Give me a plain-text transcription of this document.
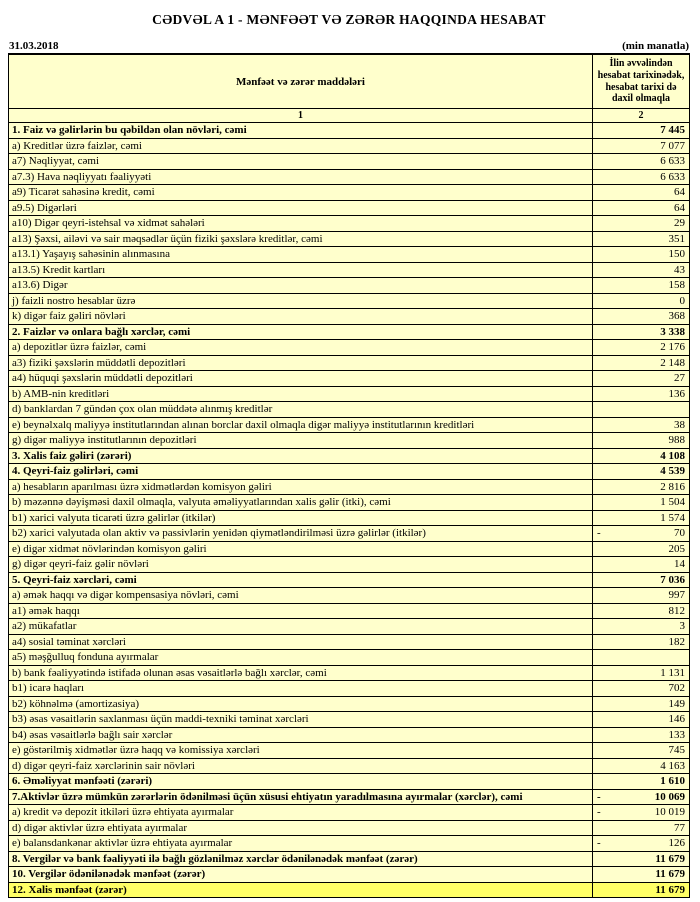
CƏDVƏL A 1 - MƏNFƏƏT VƏ ZƏRƏR HAQQINDA HESABAT
31.03.2018	(min manatla)
Mənfəət və zərər maddələri	İlin əvvəlindən hesabat tarixinədək, hesabat tarixi də daxil olmaqla
1	2
1. Faiz və gəlirlərin bu qəbildən olan növləri, cəmi	7 445
a) Kreditlər üzrə faizlər, cəmi	7 077
a7) Nəqliyyat, cəmi	6 633
a7.3) Hava nəqliyyatı fəaliyyəti	6 633
a9) Ticarət sahəsinə kredit, cəmi	64
a9.5) Digərləri	64
a10) Digər qeyri-istehsal və xidmət sahələri	29
a13) Şəxsi, ailəvi və sair məqsədlər üçün fiziki şəxslərə kreditlər, cəmi	351
a13.1) Yaşayış sahəsinin alınmasına	150
a13.5) Kredit kartları	43
a13.6) Digər	158
j) faizli nostro hesablar üzrə	0
k) digər faiz gəliri növləri	368
2. Faizlər və onlara bağlı xərclər, cəmi	3 338
a) depozitlər üzrə faizlər, cəmi	2 176
a3) fiziki şəxslərin müddətli depozitləri	2 148
a4) hüquqi şəxslərin müddətli depozitləri	27
b) AMB-nin kreditləri	136
d) banklardan 7 gündən çox olan müddətə alınmış kreditlər	
e) beynəlxalq maliyyə institutlarından alınan borclar daxil olmaqla digər maliyyə institutlarının kreditləri	38
g) digər maliyyə institutlarının depozitləri	988
3. Xalis faiz gəliri (zərəri)	4 108
4. Qeyri-faiz gəlirləri, cəmi	4 539
a) hesabların aparılması üzrə xidmətlərdən komisyon gəliri	2 816
b) məzənnə dəyişməsi daxil olmaqla, valyuta əməliyyatlarından xalis gəlir (itki), cəmi	1 504
b1) xarici valyuta ticarəti üzrə gəlirlər (itkilər)	1 574
b2) xarici valyutada olan aktiv və passivlərin yenidən qiymətləndirilməsi üzrə gəlirlər (itkilər)	- 70
e) digər xidmət növlərindən komisyon gəliri	205
g) digər qeyri-faiz gəlir növləri	14
5. Qeyri-faiz xərcləri, cəmi	7 036
a) əmək haqqı və digər kompensasiya növləri, cəmi	997
a1) əmək haqqı	812
a2) mükafatlar	3
a4) sosial təminat xərcləri	182
a5) məşğulluq fonduna ayırmalar	
b) bank fəaliyyətində istifadə olunan əsas vəsaitlərlə bağlı xərclər, cəmi	1 131
b1) icarə haqları	702
b2) köhnəlmə (amortizasiya)	149
b3) əsas vəsaitlərin saxlanması üçün maddi-texniki təminat xərcləri	146
b4) əsas vəsaitlərlə bağlı sair xərclər	133
e) göstərilmiş xidmətlər üzrə haqq və komissiya xərcləri	745
d) digər qeyri-faiz xərclərinin sair növləri	4 163
6. Əməliyyat mənfəəti (zərəri)	1 610
7.Aktivlər üzrə mümkün zərərlərin ödənilməsi üçün xüsusi ehtiyatın yaradılmasına ayırmalar (xərclər), cəmi	- 10 069
a) kredit və depozit itkiləri üzrə ehtiyata ayırmalar	- 10 019
d) digər aktivlər üzrə ehtiyata ayırmalar	77
e) balansdankənar aktivlər üzrə ehtiyata ayırmalar	- 126
8. Vergilər və bank fəaliyyəti ilə bağlı gözlənilməz xərclər ödənilənədək mənfəət (zərər)	11 679
10. Vergilər ödənilənədək mənfəət (zərər)	11 679
12. Xalis mənfəət (zərər)	11 679
